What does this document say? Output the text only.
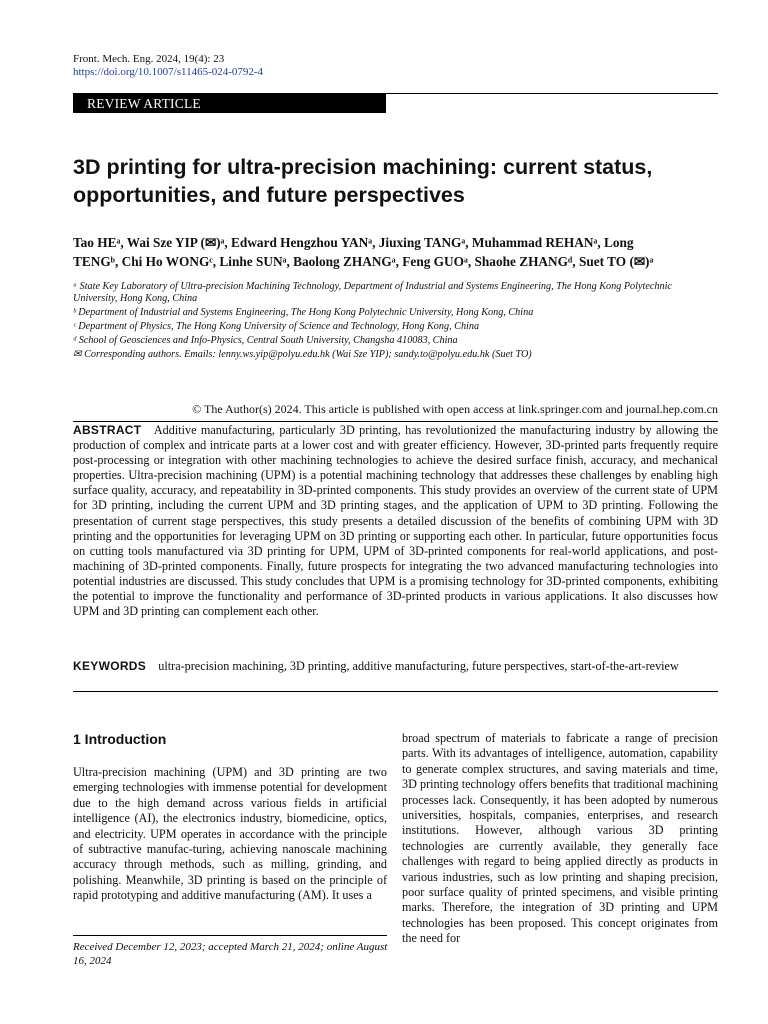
Front. Mech. Eng. 2024, 19(4): 23
https://doi.org/10.1007/s11465-024-0792-4
REVIEW ARTICLE
3D printing for ultra-precision machining: current status,
opportunities, and future perspectives
Tao HEᵃ, Wai Sze YIP (✉)ᵃ, Edward Hengzhou YANᵃ, Jiuxing TANGᵃ, Muhammad REHANᵃ, Long
TENGᵇ, Chi Ho WONGᶜ, Linhe SUNᵃ, Baolong ZHANGᵃ, Feng GUOᵃ, Shaohe ZHANGᵈ, Suet TO (✉)ᵃ

ᵃ State Key Laboratory of Ultra-precision Machining Technology, Department of Industrial and Systems Engineering, The Hong Kong Polytechnic University, Hong Kong, China

ᵇ Department of Industrial and Systems Engineering, The Hong Kong Polytechnic University, Hong Kong, China

ᶜ Department of Physics, The Hong Kong University of Science and Technology, Hong Kong, China

ᵈ School of Geosciences and Info-Physics, Central South University, Changsha 410083, China

✉ Corresponding authors. Emails: lenny.ws.yip@polyu.edu.hk (Wai Sze YIP); sandy.to@polyu.edu.hk (Suet TO)

© The Author(s) 2024. This article is published with open access at link.springer.com and journal.hep.com.cn
ABSTRACT Additive manufacturing, particularly 3D printing, has revolutionized the manufacturing industry by allowing the production of complex and intricate parts at a lower cost and with greater efficiency. However, 3D-printed parts frequently require post-processing or integration with other machining technologies to achieve the desired surface finish, accuracy, and mechanical properties. Ultra-precision machining (UPM) is a potential machining technology that addresses these challenges by enabling high surface quality, accuracy, and repeatability in 3D-printed components. This study provides an overview of the current state of UPM for 3D printing, including the current UPM and 3D printing stages, and the application of UPM to 3D printing. Following the presentation of current stage perspectives, this study presents a detailed discussion of the benefits of combining UPM with 3D printing and the opportunities for leveraging UPM on 3D printing or supporting each other. In particular, future opportunities focus on cutting tools manufactured via 3D printing for UPM, UPM of 3D-printed components for real-world applications, and post-machining of 3D-printed components. Finally, future prospects for integrating the two advanced manufacturing technologies into potential industries are discussed. This study concludes that UPM is a promising technology for 3D-printed components, exhibiting the potential to improve the functionality and performance of 3D-printed products in various applications. It also discusses how UPM and 3D printing can complement each other.
KEYWORDS ultra-precision machining, 3D printing, additive manufacturing, future perspectives, start-of-the-art-review
1 Introduction
Ultra-precision machining (UPM) and 3D printing are two emerging technologies with immense potential for development due to the high demand across various fields in artificial intelligence (AI), the electronics industry, biomedicine, optics, and electricity. UPM operates in accordance with the principle of subtractive manufac-turing, achieving nanoscale machining accuracy through methods, such as milling, grinding, and polishing. Meanwhile, 3D printing is based on the principle of rapid prototyping and additive manufacturing (AM). It uses a
broad spectrum of materials to fabricate a range of precision parts. With its advantages of intelligence, automation, capability to generate complex structures, and saving materials and time, 3D printing technology offers benefits that traditional machining processes lack. Consequently, it has been adopted by numerous universities, hospitals, companies, enterprises, and research institutions. However, although various 3D printing technologies are currently available, they generally face challenges with regard to being applied directly as products in various industries, such as low printing and shaping precision, poor surface quality of printed specimens, and visible printing marks. Therefore, the integration of 3D printing and UPM technologies has been proposed. This concept originates from the need for
Received December 12, 2023; accepted March 21, 2024; online August 16, 2024
